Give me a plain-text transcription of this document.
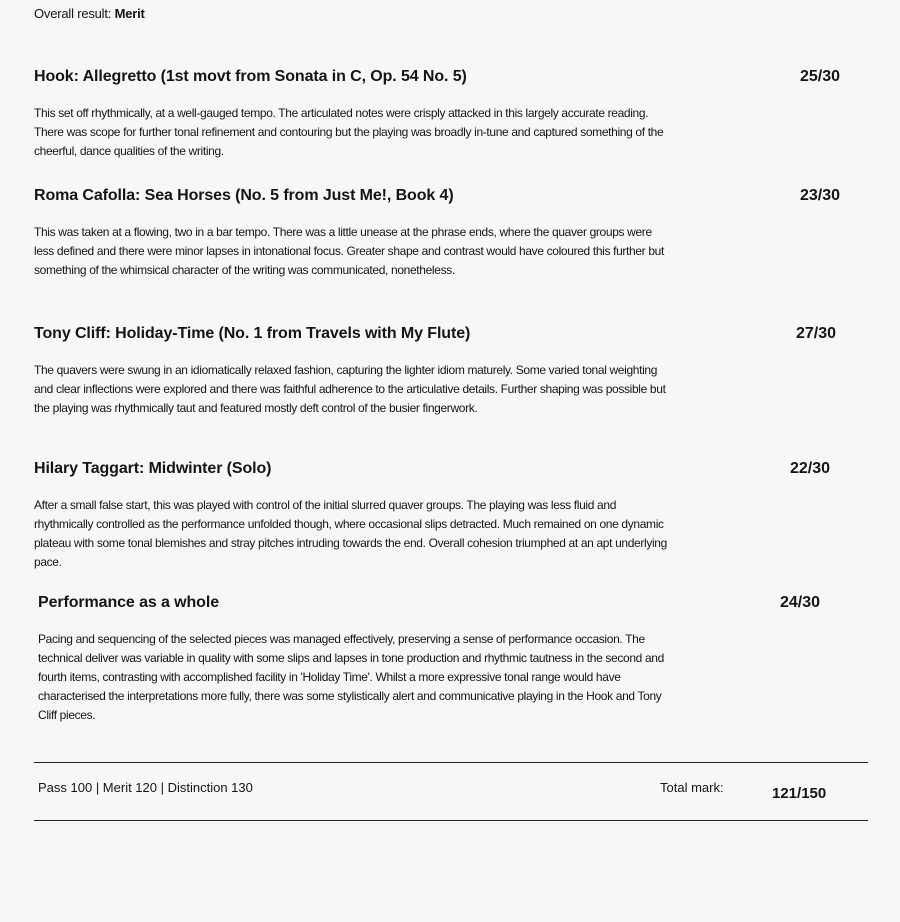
Overall result: Merit
Hook: Allegretto (1st movt from Sonata in C, Op. 54 No. 5)	25/30
This set off rhythmically, at a well-gauged tempo. The articulated notes were crisply attacked in this largely accurate reading. There was scope for further tonal refinement and contouring but the playing was broadly in-tune and captured something of the cheerful, dance qualities of the writing.
Roma Cafolla: Sea Horses (No. 5 from Just Me!, Book 4)	23/30
This was taken at a flowing, two in a bar tempo. There was a little unease at the phrase ends, where the quaver groups were less defined and there were minor lapses in intonational focus. Greater shape and contrast would have coloured this further but something of the whimsical character of the writing was communicated, nonetheless.
Tony Cliff: Holiday-Time (No. 1 from Travels with My Flute)	27/30
The quavers were swung in an idiomatically relaxed fashion, capturing the lighter idiom maturely. Some varied tonal weighting and clear inflections were explored and there was faithful adherence to the articulative details. Further shaping was possible but the playing was rhythmically taut and featured mostly deft control of the busier fingerwork.
Hilary Taggart: Midwinter (Solo)	22/30
After a small false start, this was played with control of the initial slurred quaver groups. The playing was less fluid and rhythmically controlled as the performance unfolded though, where occasional slips detracted. Much remained on one dynamic plateau with some tonal blemishes and stray pitches intruding towards the end. Overall cohesion triumphed at an apt underlying pace.
Performance as a whole	24/30
Pacing and sequencing of the selected pieces was managed effectively, preserving a sense of performance occasion. The technical deliver was variable in quality with some slips and lapses in tone production and rhythmic tautness in the second and fourth items, contrasting with accomplished facility in 'Holiday Time'. Whilst a more expressive tonal range would have characterised the interpretations more fully, there was some stylistically alert and communicative playing in the Hook and Tony Cliff pieces.
Pass 100 | Merit 120 | Distinction 130	Total mark:	121/150
